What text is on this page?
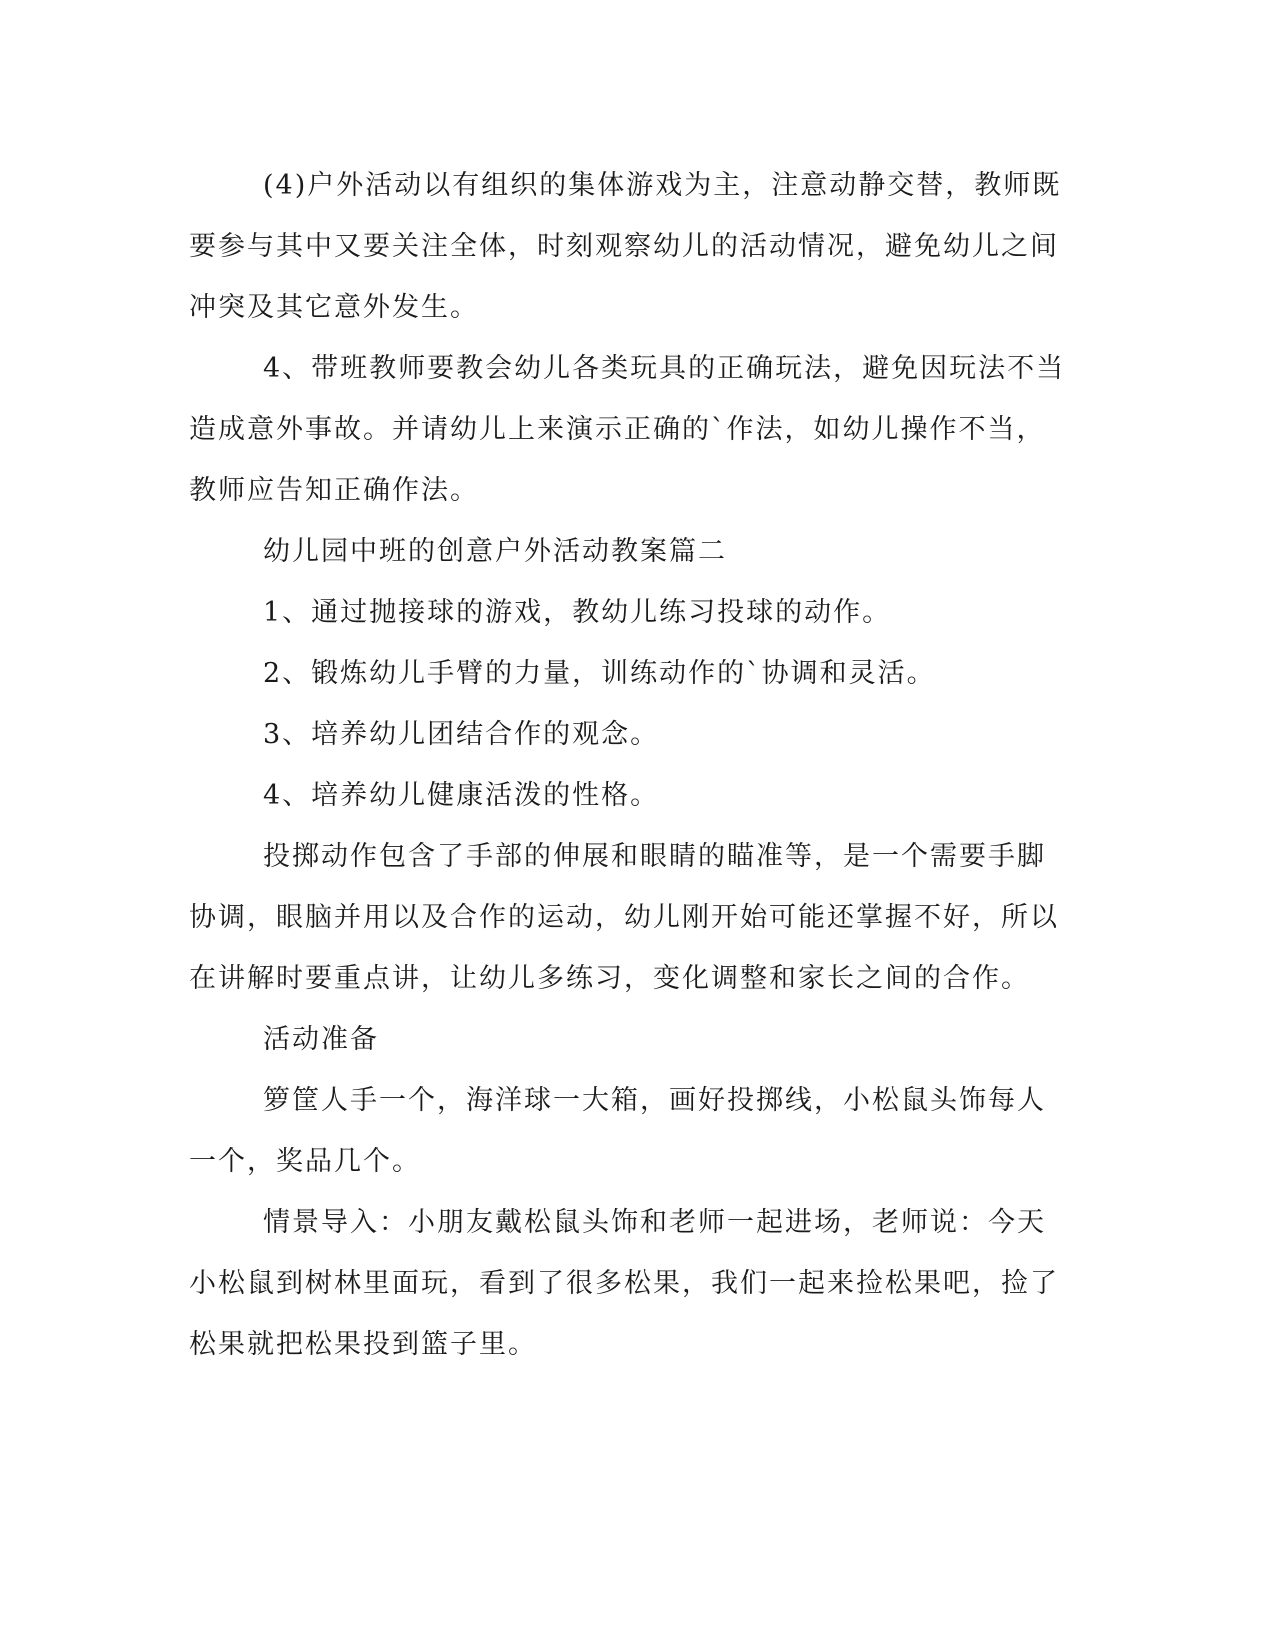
(4)户外活动以有组织的集体游戏为主，注意动静交替，教师既要参与其中又要关注全体，时刻观察幼儿的活动情况，避免幼儿之间冲突及其它意外发生。

4、带班教师要教会幼儿各类玩具的正确玩法，避免因玩法不当造成意外事故。并请幼儿上来演示正确的`作法，如幼儿操作不当，教师应告知正确作法。

幼儿园中班的创意户外活动教案篇二

1、通过抛接球的游戏，教幼儿练习投球的动作。

2、锻炼幼儿手臂的力量，训练动作的`协调和灵活。

3、培养幼儿团结合作的观念。

4、培养幼儿健康活泼的性格。

投掷动作包含了手部的伸展和眼睛的瞄准等，是一个需要手脚协调，眼脑并用以及合作的运动，幼儿刚开始可能还掌握不好，所以在讲解时要重点讲，让幼儿多练习，变化调整和家长之间的合作。

活动准备

箩筐人手一个，海洋球一大箱，画好投掷线，小松鼠头饰每人一个，奖品几个。

情景导入：小朋友戴松鼠头饰和老师一起进场，老师说：今天小松鼠到树林里面玩，看到了很多松果，我们一起来捡松果吧，捡了松果就把松果投到篮子里。
